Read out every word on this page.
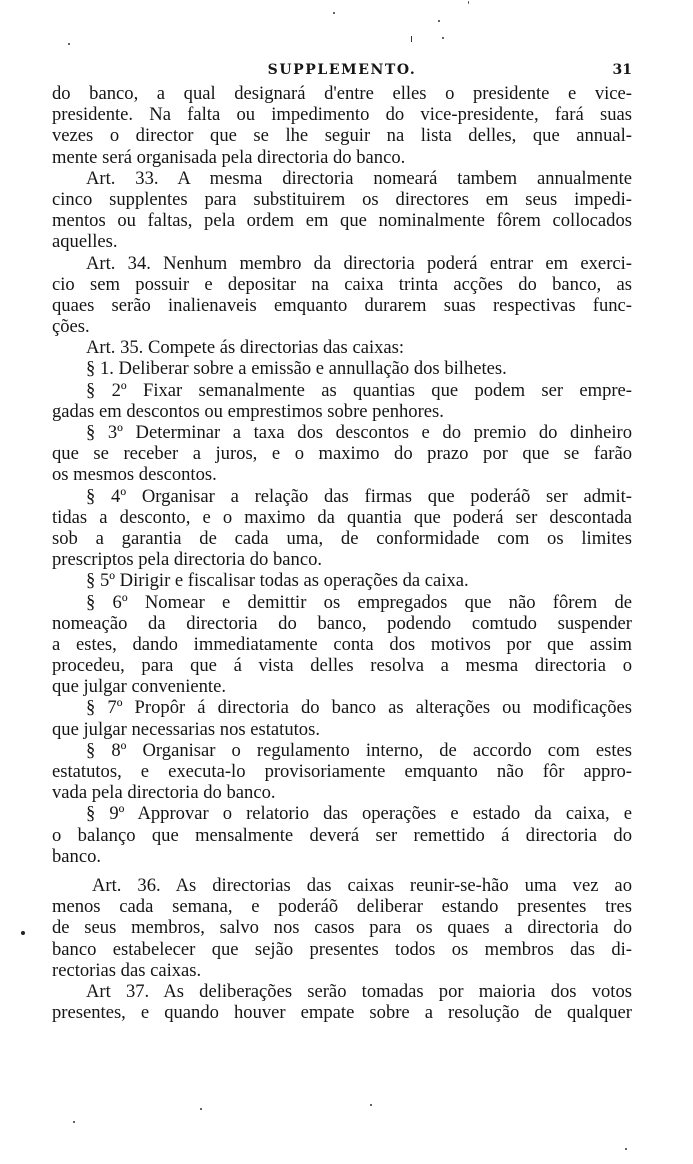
SUPPLEMENTO.	31
do banco, a qual designará d'entre elles o presidente e vice-
presidente. Na falta ou impedimento do vice-presidente, fará suas
vezes o director que se lhe seguir na lista delles, que annual-
mente será organisada pela directoria do banco.
Art. 33. A mesma directoria nomeará tambem annualmente
cinco supplentes para substituirem os directores em seus impedi-
mentos ou faltas, pela ordem em que nominalmente fôrem collocados
aquelles.
Art. 34. Nenhum membro da directoria poderá entrar em exerci-
cio sem possuir e depositar na caixa trinta acções do banco, as
quaes serão inalienaveis emquanto durarem suas respectivas func-
ções.
Art. 35. Compete ás directorias das caixas:
§ 1. Deliberar sobre a emissão e annullação dos bilhetes.
§ 2º Fixar semanalmente as quantias que podem ser empre-
gadas em descontos ou emprestimos sobre penhores.
§ 3º Determinar a taxa dos descontos e do premio do dinheiro
que se receber a juros, e o maximo do prazo por que se farão
os mesmos descontos.
§ 4º Organisar a relação das firmas que poderáõ ser admit-
tidas a desconto, e o maximo da quantia que poderá ser descontada
sob a garantia de cada uma, de conformidade com os limites
prescriptos pela directoria do banco.
§ 5º Dirigir e fiscalisar todas as operações da caixa.
§ 6º Nomear e demittir os empregados que não fôrem de
nomeação da directoria do banco, podendo comtudo suspender
a estes, dando immediatamente conta dos motivos por que assim
procedeu, para que á vista delles resolva a mesma directoria o
que julgar conveniente.
§ 7º Propôr á directoria do banco as alterações ou modificações
que julgar necessarias nos estatutos.
§ 8º Organisar o regulamento interno, de accordo com estes
estatutos, e executa-lo provisoriamente emquanto não fôr appro-
vada pela directoria do banco.
§ 9º Approvar o relatorio das operações e estado da caixa, e
o balanço que mensalmente deverá ser remettido á directoria do
banco.
Art. 36. As directorias das caixas reunir-se-hão uma vez ao
menos cada semana, e poderáõ deliberar estando presentes tres
de seus membros, salvo nos casos para os quaes a directoria do
banco estabelecer que sejão presentes todos os membros das di-
rectorias das caixas.
Art 37. As deliberações serão tomadas por maioria dos votos
presentes, e quando houver empate sobre a resolução de qualquer
